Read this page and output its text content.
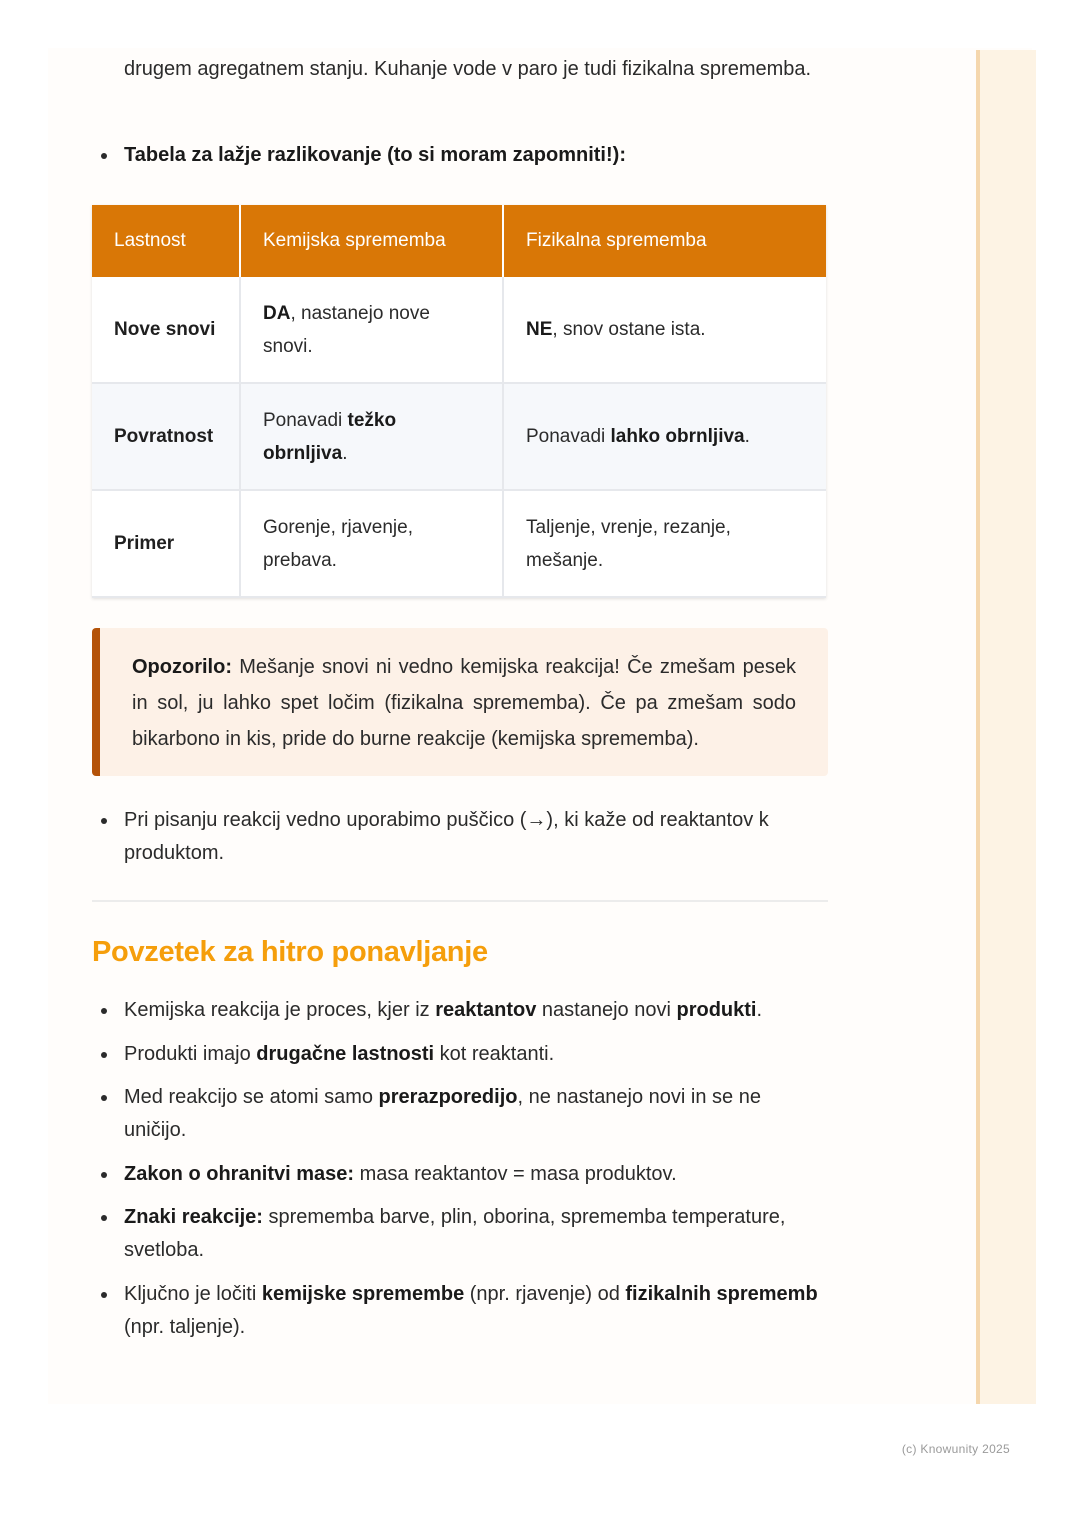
drugem agregatnem stanju. Kuhanje vode v paro je tudi fizikalna sprememba.

Tabela za lažje razlikovanje (to si moram zapomniti!):
Lastnost	Kemijska sprememba	Fizikalna sprememba
Nove snovi	DA, nastanejo nove snovi.	NE, snov ostane ista.
Povratnost	Ponavadi težko obrnljiva.	Ponavadi lahko obrnljiva.
Primer	Gorenje, rjavenje, prebava.	Taljenje, vrenje, rezanje, mešanje.
Opozorilo: Mešanje snovi ni vedno kemijska reakcija! Če zmešam pesek in sol, ju lahko spet ločim (fizikalna sprememba). Če pa zmešam sodo bikarbono in kis, pride do burne reakcije (kemijska sprememba).
Pri pisanju reakcij vedno uporabimo puščico (→), ki kaže od reaktantov k produktom.
Povzetek za hitro ponavljanje
Kemijska reakcija je proces, kjer iz reaktantov nastanejo novi produkti.
Produkti imajo drugačne lastnosti kot reaktanti.
Med reakcijo se atomi samo prerazporedijo, ne nastanejo novi in se ne uničijo.
Zakon o ohranitvi mase: masa reaktantov = masa produktov.
Znaki reakcije: sprememba barve, plin, oborina, sprememba temperature, svetloba.
Ključno je ločiti kemijske spremembe (npr. rjavenje) od fizikalnih sprememb (npr. taljenje).
(c) Knowunity 2025
